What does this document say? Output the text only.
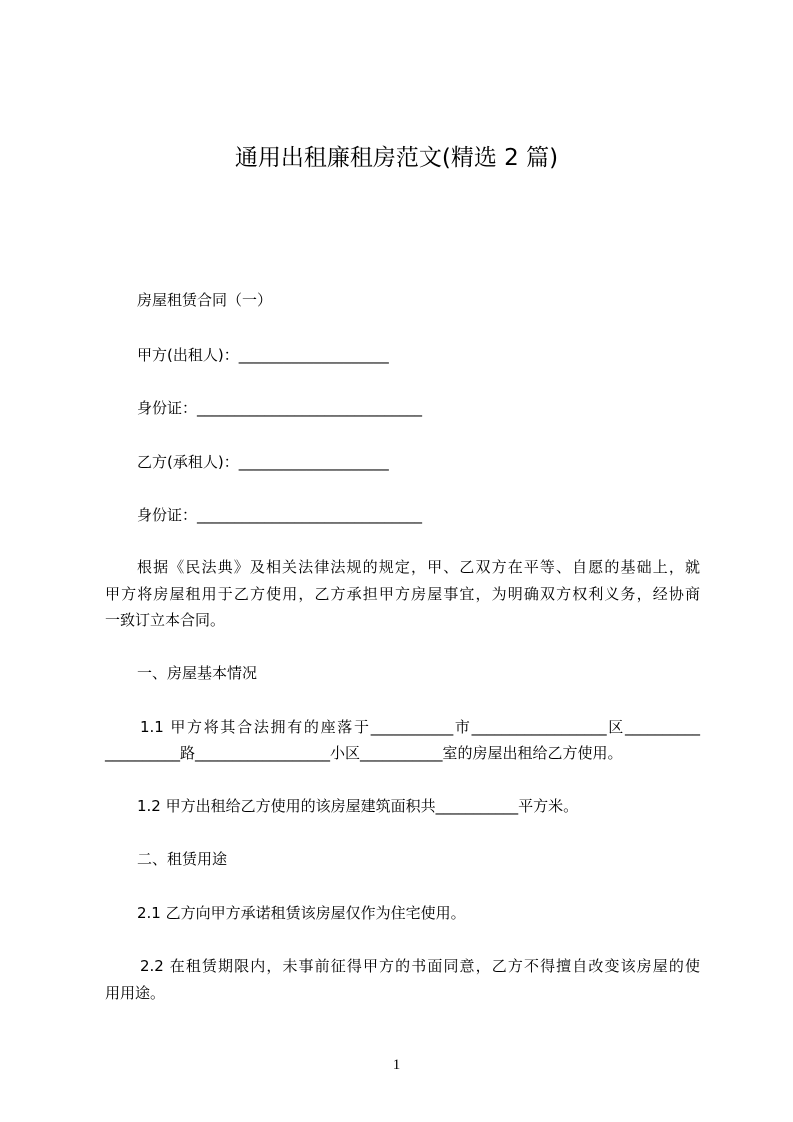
通用出租廉租房范文(精选 2 篇)
房屋租赁合同（一）
甲方(出租人)：____________________
身份证：______________________________
乙方(承租人)：____________________
身份证：______________________________
根据《民法典》及相关法律法规的规定，甲、乙双方在平等、自愿的基础上，就
甲方将房屋租用于乙方使用，乙方承担甲方房屋事宜，为明确双方权利义务，经协商
一致订立本合同。
一、房屋基本情况
1.1 甲方将其合法拥有的座落于___________市__________________区__________
__________路__________________小区___________室的房屋出租给乙方使用。
1.2 甲方出租给乙方使用的该房屋建筑面积共___________平方米。
二、租赁用途
2.1 乙方向甲方承诺租赁该房屋仅作为住宅使用。
2.2 在租赁期限内，未事前征得甲方的书面同意，乙方不得擅自改变该房屋的使
用用途。
1
